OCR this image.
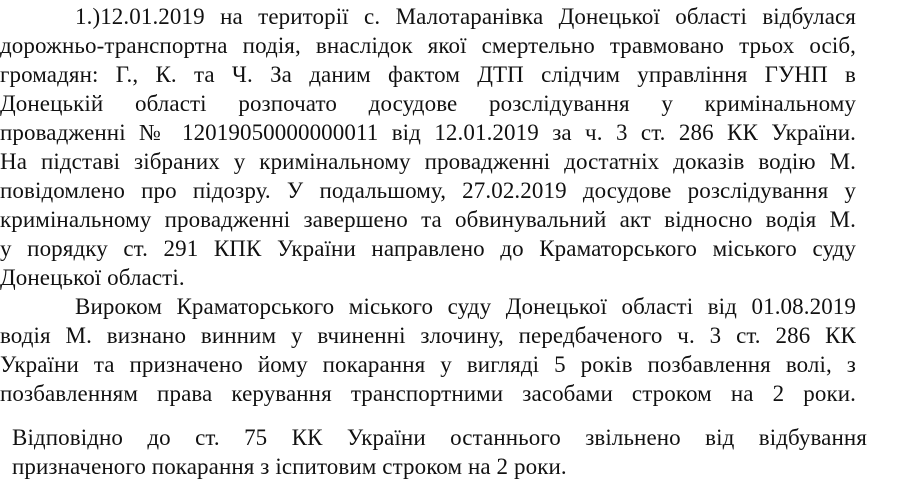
1.)12.01.2019 на території с. Малотаранівка Донецької області відбулася
дорожньо-транспортна подія, внаслідок якої смертельно травмовано трьох осіб,
громадян: Г., К. та Ч. За даним фактом ДТП слідчим управління ГУНП в
Донецькій області розпочато досудове розслідування у кримінальному
провадженні № 12019050000000011 від 12.01.2019 за ч. 3 ст. 286 КК України.
На підставі зібраних у кримінальному провадженні достатніх доказів водію М.
повідомлено про підозру. У подальшому, 27.02.2019 досудове розслідування у
кримінальному провадженні завершено та обвинувальний акт відносно водія М.
у порядку ст. 291 КПК України направлено до Краматорського міського суду
Донецької області.
Вироком Краматорського міського суду Донецької області від 01.08.2019
водія М. визнано винним у вчиненні злочину, передбаченого ч. 3 ст. 286 КК
України та призначено йому покарання у вигляді 5 років позбавлення волі, з
позбавленням права керування транспортними засобами строком на 2 роки.
Відповідно до ст. 75 КК України останнього звільнено від відбування
призначеного покарання з іспитовим строком на 2 роки.
